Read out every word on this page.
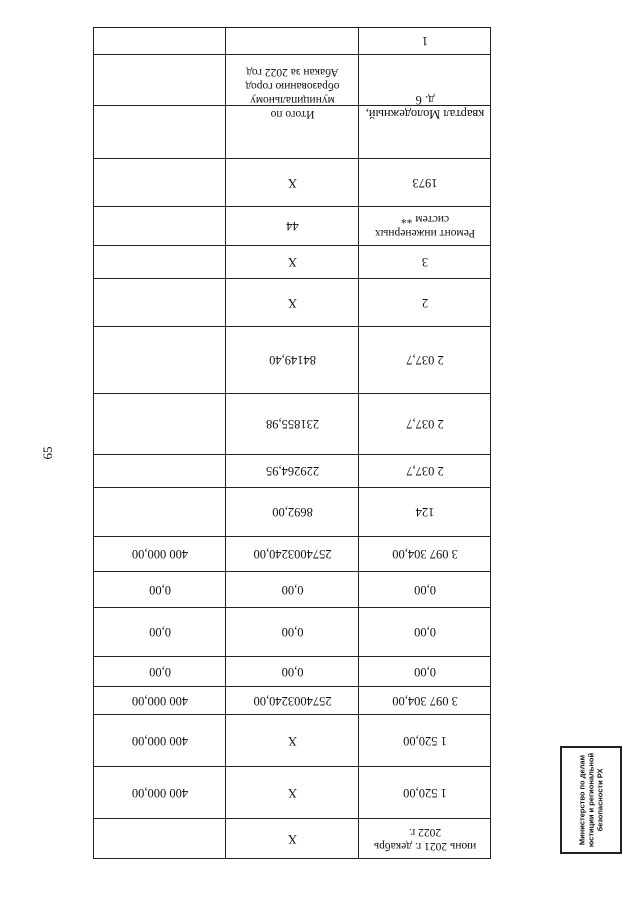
65
июнь 2021 г. декабрь 2022 г.
Х
1 520,00
Х
400 000,00
1 520,00
Х
400 000,00
3 097 304,00
2574003240,00
400 000,00
0,00
0,00
0,00
0,00
0,00
0,00
0,00
0,00
0,00
3 097 304,00
2574003240,00
400 000,00
124
8692,00
2 037,7
229264,95
2 037,7
231855,98
2 037,7
84149,40
2
Х
3
Х
Ремонт инженерных систем **
44
1973
Х
квартал Молодежный, д. 6
Итого по муниципальному образованию город Абакан за 2022 год
1
Министерство по делам юстиции и региональной безопасности РХ
